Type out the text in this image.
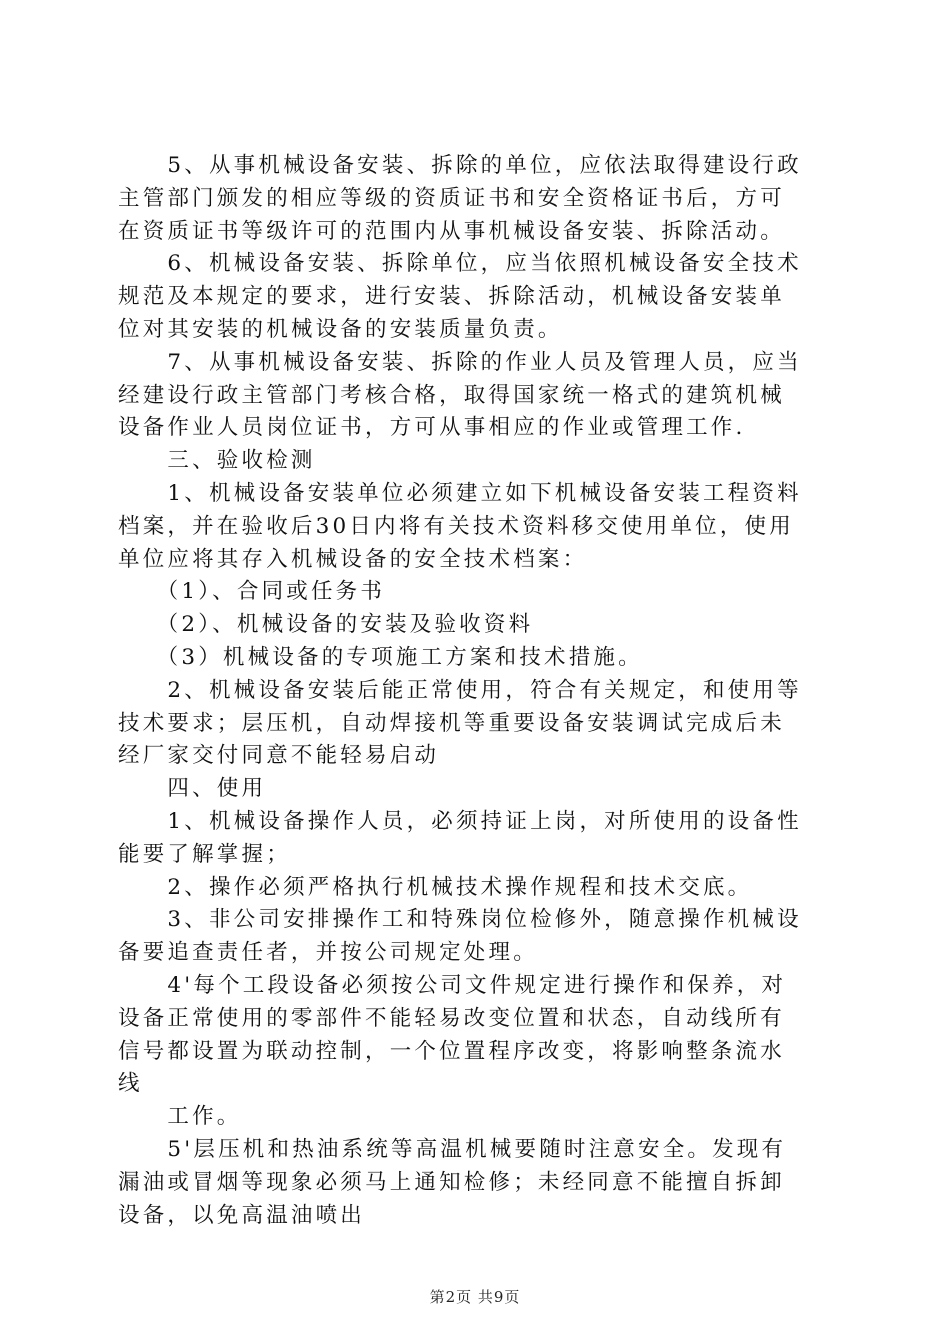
　　5、从事机械设备安装、拆除的单位，应依法取得建设行政
主管部门颁发的相应等级的资质证书和安全资格证书后，方可
在资质证书等级许可的范围内从事机械设备安装、拆除活动。
　　6、机械设备安装、拆除单位，应当依照机械设备安全技术
规范及本规定的要求，进行安装、拆除活动，机械设备安装单
位对其安装的机械设备的安装质量负责。
　　7、从事机械设备安装、拆除的作业人员及管理人员，应当
经建设行政主管部门考核合格，取得国家统一格式的建筑机械
设备作业人员岗位证书，方可从事相应的作业或管理工作.
　　三、验收检测
　　1、机械设备安装单位必须建立如下机械设备安装工程资料
档案，并在验收后30日内将有关技术资料移交使用单位，使用
单位应将其存入机械设备的安全技术档案：
　　（1）、合同或任务书
　　（2）、机械设备的安装及验收资料
　　（3）机械设备的专项施工方案和技术措施。
　　2、机械设备安装后能正常使用，符合有关规定，和使用等
技术要求；层压机，自动焊接机等重要设备安装调试完成后未
经厂家交付同意不能轻易启动
　　四、使用
　　1、机械设备操作人员，必须持证上岗，对所使用的设备性
能要了解掌握；
　　2、操作必须严格执行机械技术操作规程和技术交底。
　　3、非公司安排操作工和特殊岗位检修外，随意操作机械设
备要追查责任者，并按公司规定处理。
　　4'每个工段设备必须按公司文件规定进行操作和保养，对
设备正常使用的零部件不能轻易改变位置和状态，自动线所有
信号都设置为联动控制，一个位置程序改变，将影响整条流水
线
　　工作。
　　5'层压机和热油系统等高温机械要随时注意安全。发现有
漏油或冒烟等现象必须马上通知检修；未经同意不能擅自拆卸
设备，以免高温油喷出

第2页 共9页
